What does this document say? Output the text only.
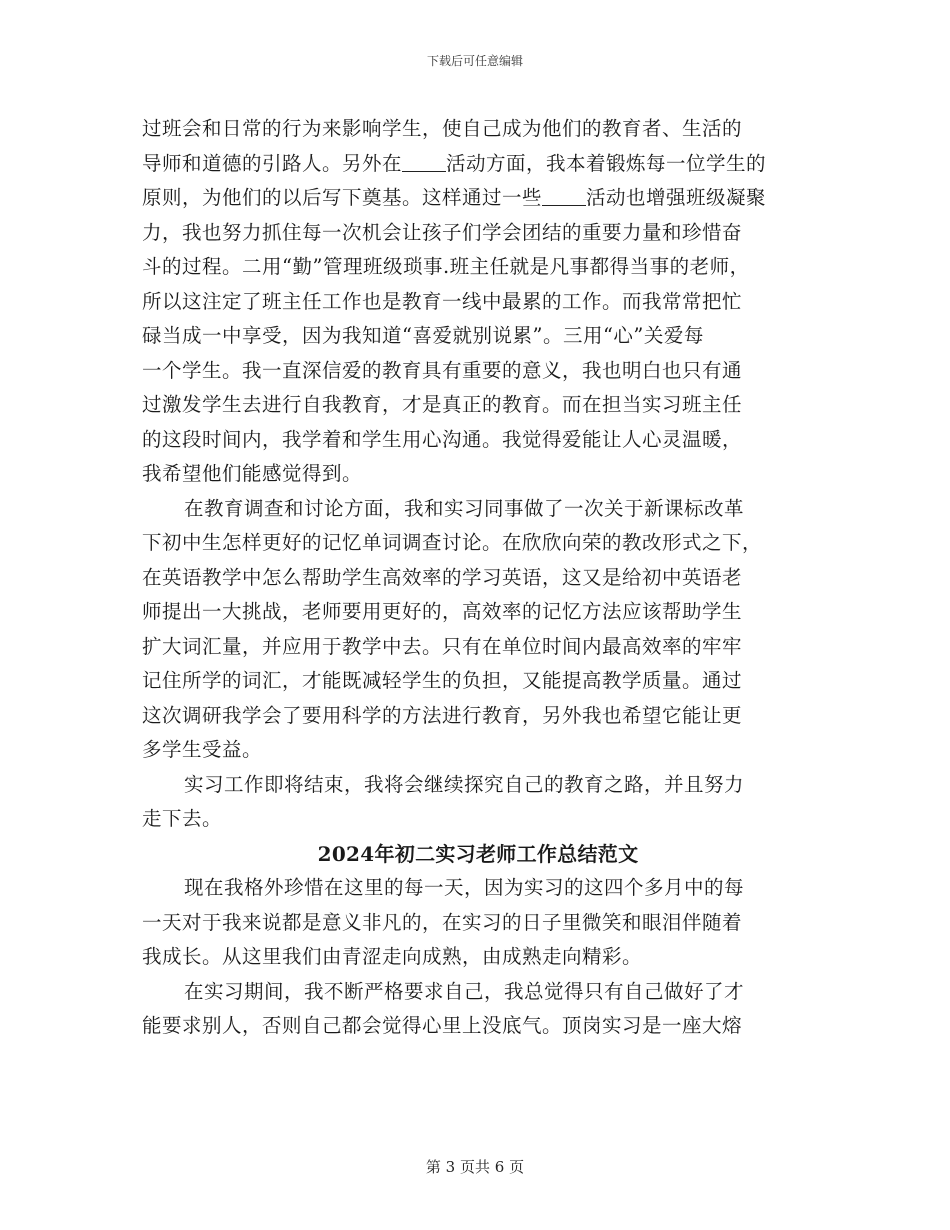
下载后可任意编辑
过班会和日常的行为来影响学生，使自己成为他们的教育者、生活的
导师和道德的引路人。另外在 活动方面，我本着锻炼每一位学生的
原则，为他们的以后写下奠基。这样通过一些 活动也增强班级凝聚
力，我也努力抓住每一次机会让孩子们学会团结的重要力量和珍惜奋
斗的过程。二用“勤”管理班级琐事.班主任就是凡事都得当事的老师，
所以这注定了班主任工作也是教育一线中最累的工作。而我常常把忙
碌当成一中享受，因为我知道“喜爱就别说累”。三用“心”关爱每
一个学生。我一直深信爱的教育具有重要的意义，我也明白也只有通
过激发学生去进行自我教育，才是真正的教育。而在担当实习班主任
的这段时间内，我学着和学生用心沟通。我觉得爱能让人心灵温暖，
我希望他们能感觉得到。
在教育调查和讨论方面，我和实习同事做了一次关于新课标改革
下初中生怎样更好的记忆单词调查讨论。在欣欣向荣的教改形式之下，
在英语教学中怎么帮助学生高效率的学习英语，这又是给初中英语老
师提出一大挑战，老师要用更好的，高效率的记忆方法应该帮助学生
扩大词汇量，并应用于教学中去。只有在单位时间内最高效率的牢牢
记住所学的词汇，才能既减轻学生的负担，又能提高教学质量。通过
这次调研我学会了要用科学的方法进行教育，另外我也希望它能让更
多学生受益。
实习工作即将结束，我将会继续探究自己的教育之路，并且努力
走下去。
2024年初二实习老师工作总结范文
现在我格外珍惜在这里的每一天，因为实习的这四个多月中的每
一天对于我来说都是意义非凡的，在实习的日子里微笑和眼泪伴随着
我成长。从这里我们由青涩走向成熟，由成熟走向精彩。
在实习期间，我不断严格要求自己，我总觉得只有自己做好了才
能要求别人，否则自己都会觉得心里上没底气。顶岗实习是一座大熔
第 3 页共 6 页
